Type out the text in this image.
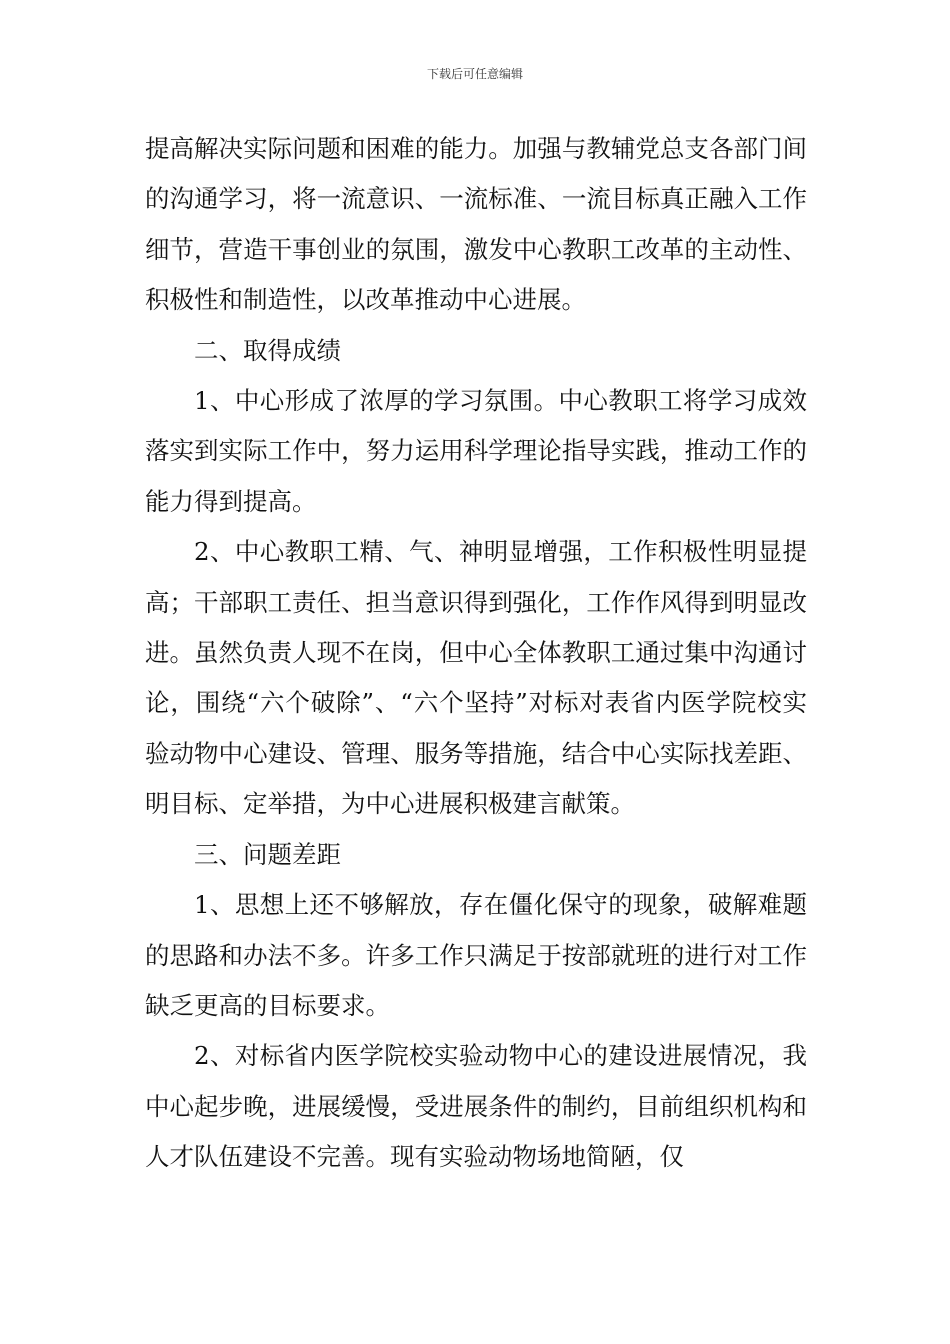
下载后可任意编辑

提高解决实际问题和困难的能力。加强与教辅党总支各部门间的沟通学习，将一流意识、一流标准、一流目标真正融入工作细节，营造干事创业的氛围，激发中心教职工改革的主动性、积极性和制造性，以改革推动中心进展。

二、取得成绩

1、中心形成了浓厚的学习氛围。中心教职工将学习成效落实到实际工作中，努力运用科学理论指导实践，推动工作的能力得到提高。

2、中心教职工精、气、神明显增强，工作积极性明显提高；干部职工责任、担当意识得到强化，工作作风得到明显改进。虽然负责人现不在岗，但中心全体教职工通过集中沟通讨论，围绕“六个破除”、“六个坚持”对标对表省内医学院校实验动物中心建设、管理、服务等措施，结合中心实际找差距、明目标、定举措，为中心进展积极建言献策。

三、问题差距

1、思想上还不够解放，存在僵化保守的现象，破解难题的思路和办法不多。许多工作只满足于按部就班的进行对工作缺乏更高的目标要求。

2、对标省内医学院校实验动物中心的建设进展情况，我中心起步晚，进展缓慢，受进展条件的制约，目前组织机构和人才队伍建设不完善。现有实验动物场地简陋，仅
